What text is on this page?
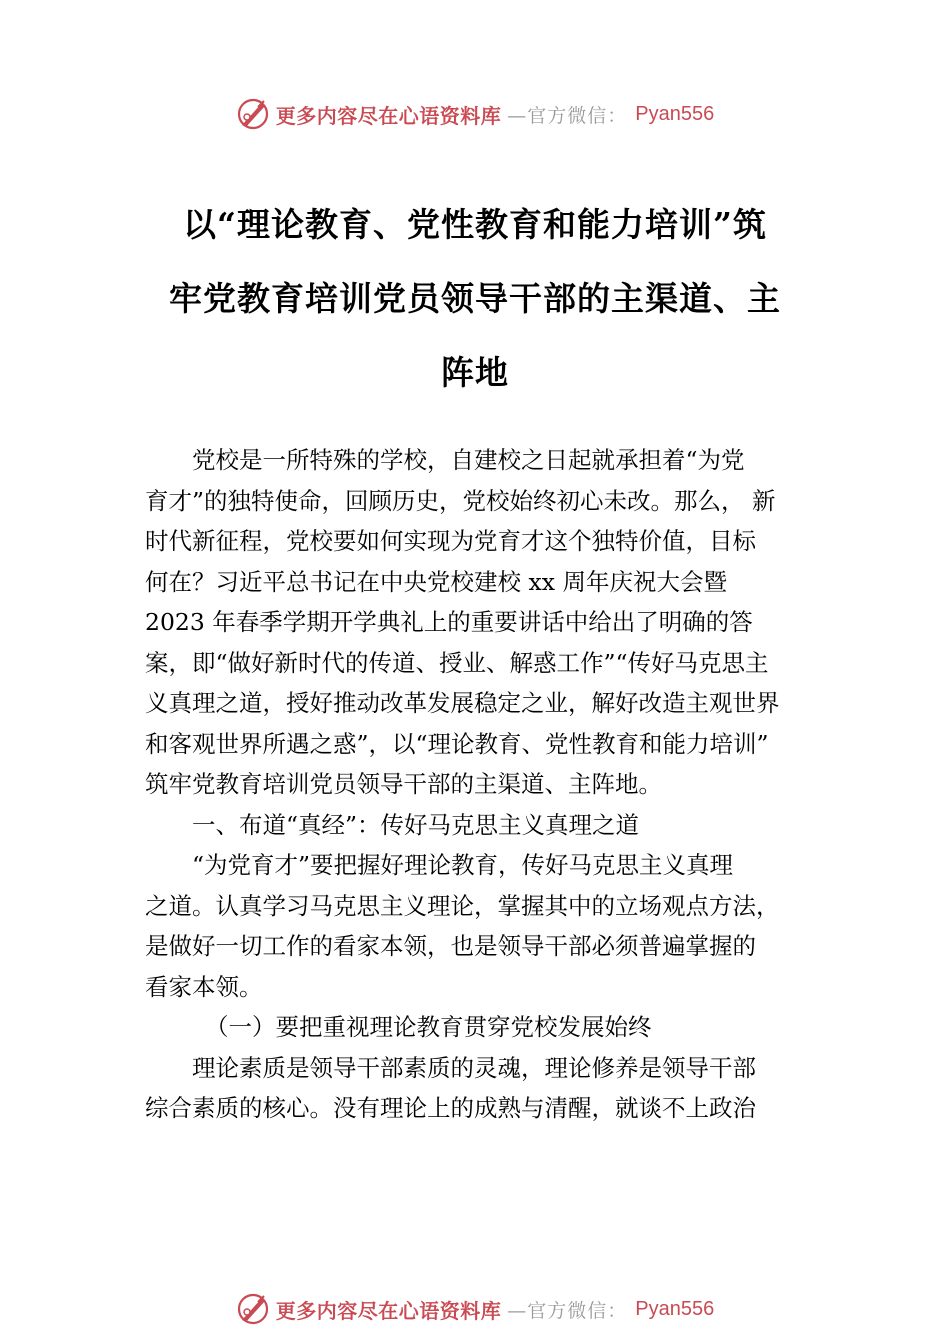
更多内容尽在心语资料库 —官方微信： Pyan556
以“理论教育、党性教育和能力培训”筑
牢党教育培训党员领导干部的主渠道、主
阵地
党校是一所特殊的学校，自建校之日起就承担着“为党
育才”的独特使命，回顾历史，党校始终初心未改。那么， 新
时代新征程，党校要如何实现为党育才这个独特价值，目标
何在？习近平总书记在中央党校建校 xx 周年庆祝大会暨
2023 年春季学期开学典礼上的重要讲话中给出了明确的答
案，即“做好新时代的传道、授业、解惑工作”“传好马克思主
义真理之道，授好推动改革发展稳定之业，解好改造主观世界
和客观世界所遇之惑”，以“理论教育、党性教育和能力培训”
筑牢党教育培训党员领导干部的主渠道、主阵地。
一、布道“真经”：传好马克思主义真理之道
“为党育才”要把握好理论教育，传好马克思主义真理
之道。认真学习马克思主义理论，掌握其中的立场观点方法，
是做好一切工作的看家本领，也是领导干部必须普遍掌握的
看家本领。
（一）要把重视理论教育贯穿党校发展始终
理论素质是领导干部素质的灵魂，理论修养是领导干部
综合素质的核心。没有理论上的成熟与清醒，就谈不上政治
更多内容尽在心语资料库 —官方微信： Pyan556
